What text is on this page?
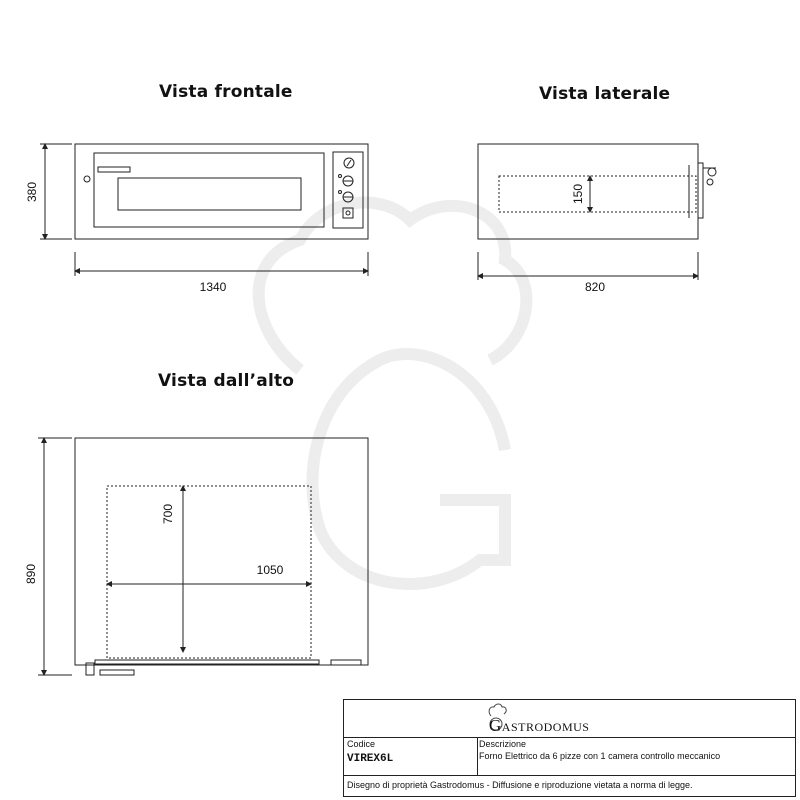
Vista frontale	Vista laterale
Vista dall’alto
380
1340
150
820
700
1050
890
Gastrodomus
Codice
VIREX6L
Descrizione
Forno Elettrico da 6 pizze con 1 camera controllo meccanico
Disegno di proprietà Gastrodomus - Diffusione e riproduzione vietata a norma di legge.
